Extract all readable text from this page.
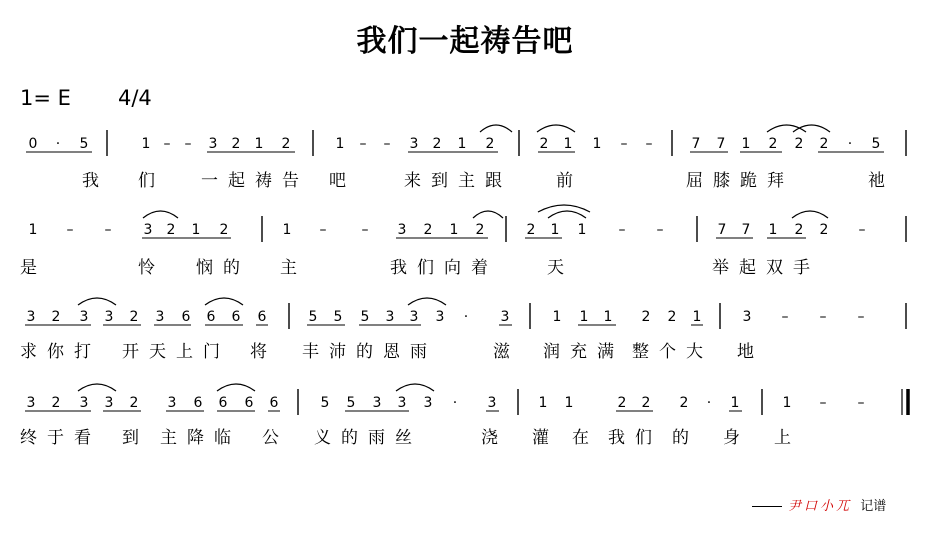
我们一起祷告吧
1= E 4/4
0 · 5	1 – – 3 2 1 2	1 – – 3 2 1 2	2 1 1 – –	7 7 1 2 2 2 · 5
1 – – 3 2 1 2	1 –	– 3 2 1 2	2 1 1 – –	7 7 1 2 2 –
3 2 3 3 2 3 6 6 6 6	5 5 5 3 3 3 · 3	1 1 1 2 2 1	3 – – –
3 2 3 3 2 3 6 6 6 6	5 5 3 3 3 · 3	1 1	2 2 2 · 1	1 – –
我 们 一起祷告 吧	来到主跟	前	屈膝跪拜	祂
是	怜 悯的 主	我们向着	天	举起双手
求你打 开天上门 将 丰沛的恩雨	滋 润充满 整个大 地
终于看 到 主降临 公 义的雨丝	浇 灌 在 我们 的 身 上
尹口小兀 记谱
